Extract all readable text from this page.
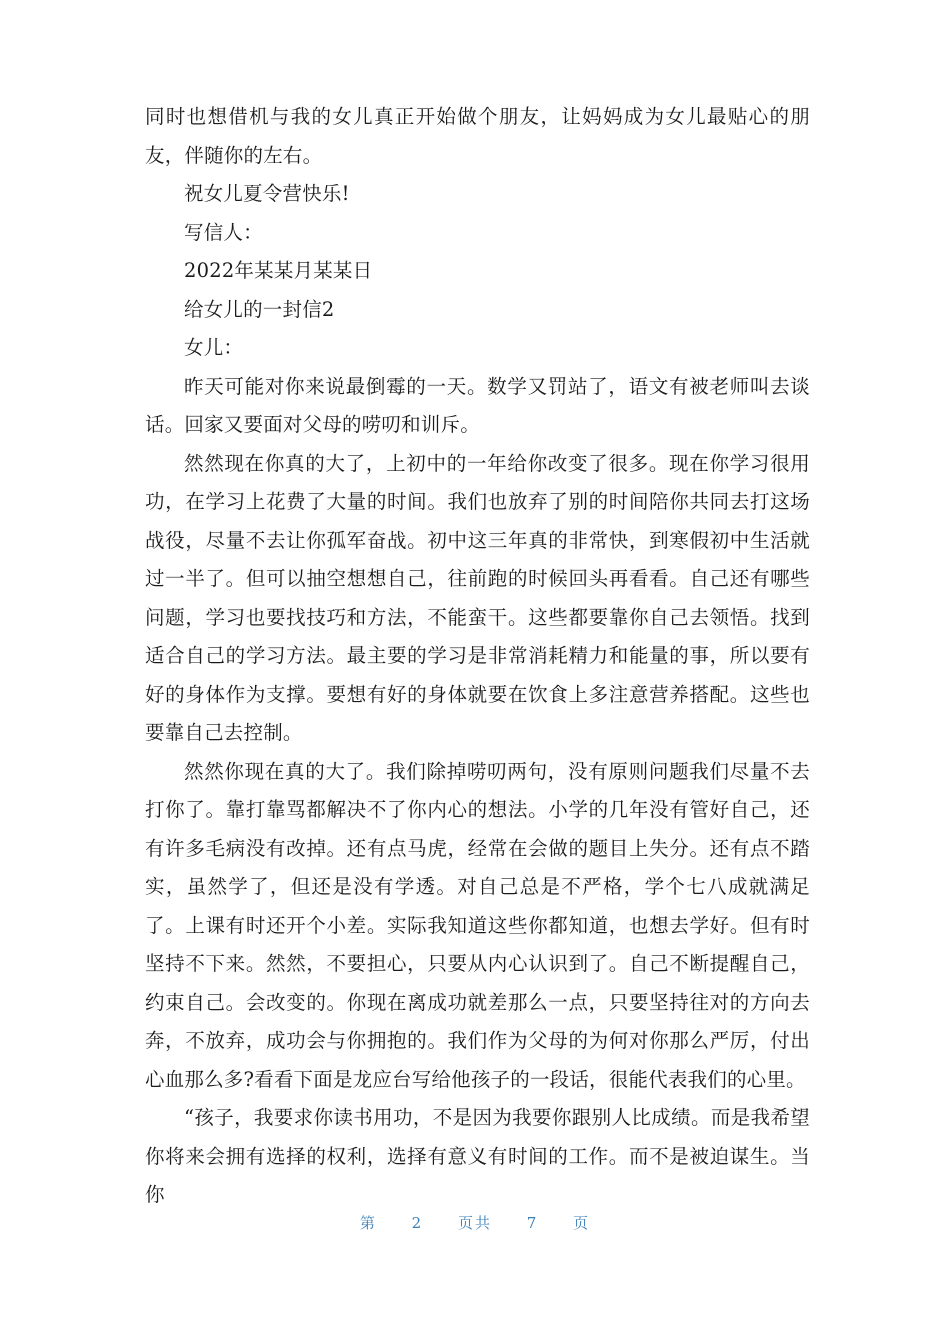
同时也想借机与我的女儿真正开始做个朋友，让妈妈成为女儿最贴心的朋友，伴随你的左右。

祝女儿夏令营快乐!

写信人：

2022年某某月某某日

给女儿的一封信2

女儿：

昨天可能对你来说最倒霉的一天。数学又罚站了，语文有被老师叫去谈话。回家又要面对父母的唠叨和训斥。

然然现在你真的大了，上初中的一年给你改变了很多。现在你学习很用功，在学习上花费了大量的时间。我们也放弃了别的时间陪你共同去打这场战役，尽量不去让你孤军奋战。初中这三年真的非常快，到寒假初中生活就过一半了。但可以抽空想想自己，往前跑的时候回头再看看。自己还有哪些问题，学习也要找技巧和方法，不能蛮干。这些都要靠你自己去领悟。找到适合自己的学习方法。最主要的学习是非常消耗精力和能量的事，所以要有好的身体作为支撑。要想有好的身体就要在饮食上多注意营养搭配。这些也要靠自己去控制。

然然你现在真的大了。我们除掉唠叨两句，没有原则问题我们尽量不去打你了。靠打靠骂都解决不了你内心的想法。小学的几年没有管好自己，还有许多毛病没有改掉。还有点马虎，经常在会做的题目上失分。还有点不踏实，虽然学了，但还是没有学透。对自己总是不严格，学个七八成就满足了。上课有时还开个小差。实际我知道这些你都知道，也想去学好。但有时坚持不下来。然然，不要担心，只要从内心认识到了。自己不断提醒自己，约束自己。会改变的。你现在离成功就差那么一点，只要坚持往对的方向去奔，不放弃，成功会与你拥抱的。我们作为父母的为何对你那么严厉，付出心血那么多?看看下面是龙应台写给他孩子的一段话，很能代表我们的心里。

“孩子，我要求你读书用功，不是因为我要你跟别人比成绩。而是我希望你将来会拥有选择的权利，选择有意义有时间的工作。而不是被迫谋生。当你

第 2 页共 7 页
